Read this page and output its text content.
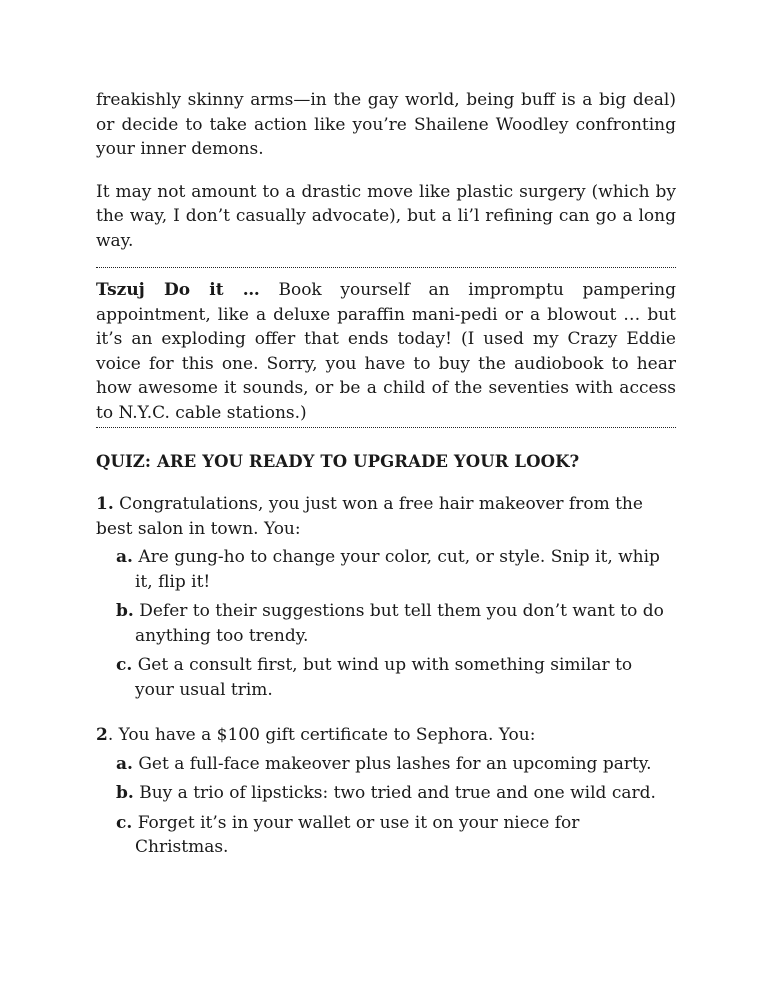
freakishly skinny arms—in the gay world, being buff is a big deal) or decide to take action like you’re Shailene Woodley confronting your inner demons.

It may not amount to a drastic move like plastic surgery (which by the way, I don’t casually advocate), but a li’l refining can go a long way.

Tszuj Do it … Book yourself an impromptu pampering appointment, like a deluxe paraffin mani-pedi or a blowout … but it’s an exploding offer that ends today! (I used my Crazy Eddie voice for this one. Sorry, you have to buy the audiobook to hear how awesome it sounds, or be a child of the seventies with access to N.Y.C. cable stations.)

QUIZ: ARE YOU READY TO UPGRADE YOUR LOOK?

1. Congratulations, you just won a free hair makeover from the best salon in town. You:

a. Are gung-ho to change your color, cut, or style. Snip it, whip it, flip it!
b. Defer to their suggestions but tell them you don’t want to do anything too trendy.
c. Get a consult first, but wind up with something similar to your usual trim.

2. You have a $100 gift certificate to Sephora. You:

a. Get a full-face makeover plus lashes for an upcoming party.
b. Buy a trio of lipsticks: two tried and true and one wild card.
c. Forget it’s in your wallet or use it on your niece for Christmas.
